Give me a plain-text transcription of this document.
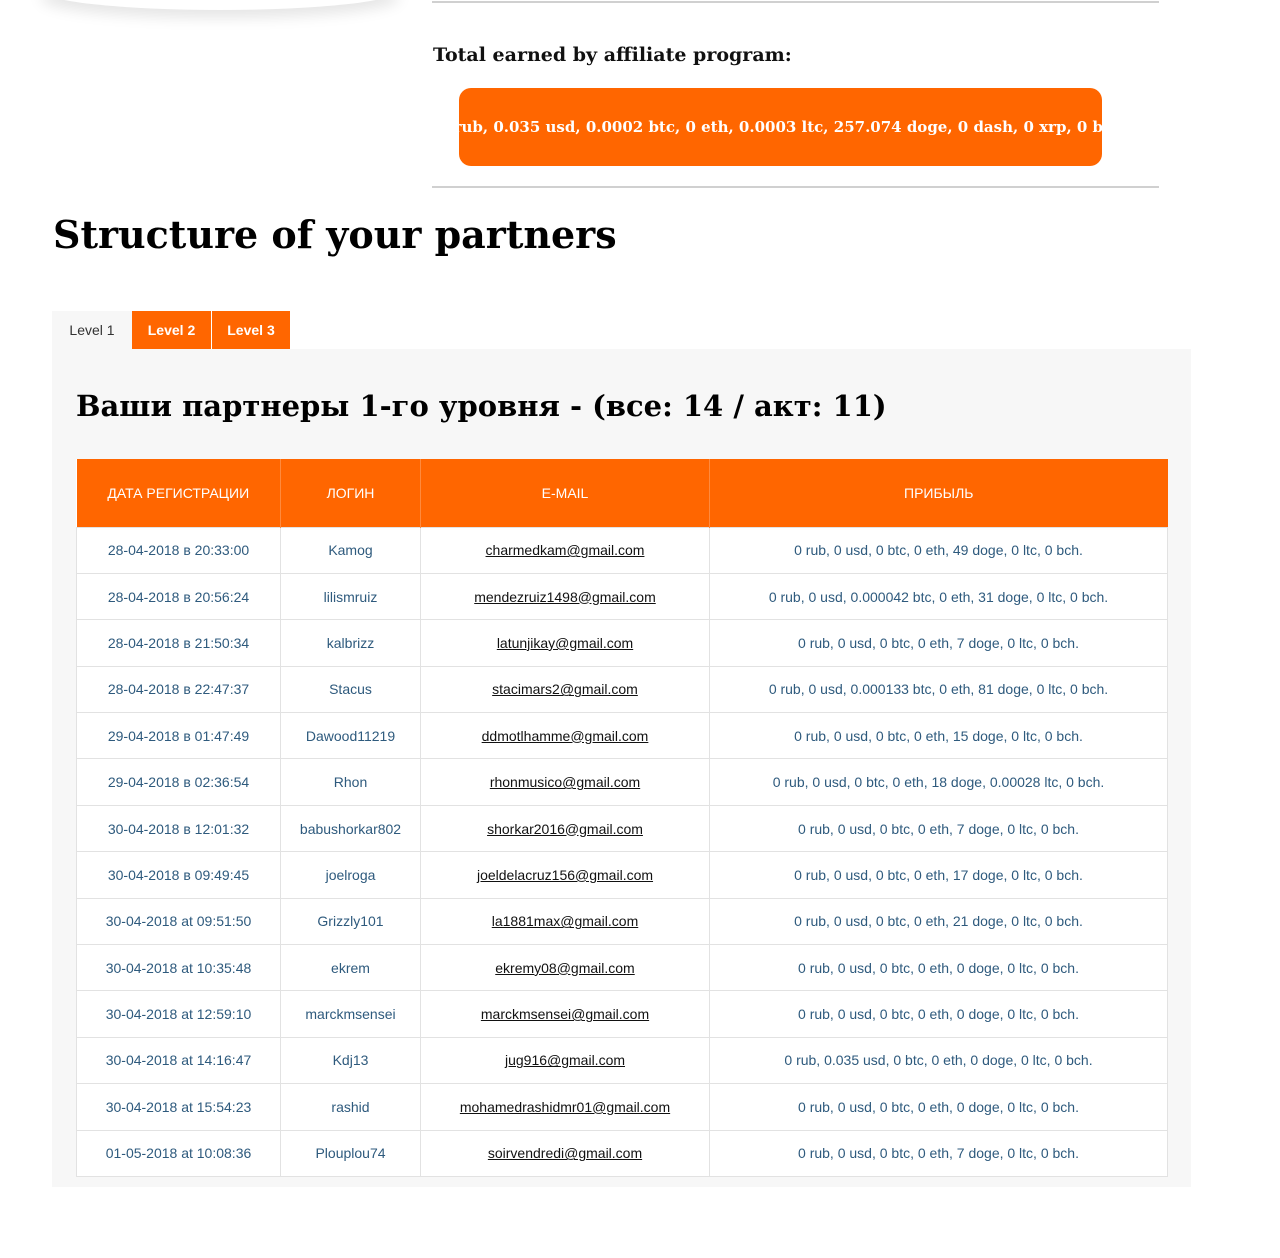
Total earned by affiliate program:
0 rub, 0.035 usd, 0.0002 btc, 0 eth, 0.0003 ltc, 257.074 doge, 0 dash, 0 xrp, 0 bch
Structure of your partners
Level 1	Level 2	Level 3
Ваши партнеры 1-го уровня - (все: 14 / акт: 11)
ДАТА РЕГИСТРАЦИИ	ЛОГИН	E-MAIL	ПРИБЫЛЬ
28-04-2018 в 20:33:00	Kamog	charmedkam@gmail.com	0 rub, 0 usd, 0 btc, 0 eth, 49 doge, 0 ltc, 0 bch.
28-04-2018 в 20:56:24	lilismruiz	mendezruiz1498@gmail.com	0 rub, 0 usd, 0.000042 btc, 0 eth, 31 doge, 0 ltc, 0 bch.
28-04-2018 в 21:50:34	kalbrizz	latunjikay@gmail.com	0 rub, 0 usd, 0 btc, 0 eth, 7 doge, 0 ltc, 0 bch.
28-04-2018 в 22:47:37	Stacus	stacimars2@gmail.com	0 rub, 0 usd, 0.000133 btc, 0 eth, 81 doge, 0 ltc, 0 bch.
29-04-2018 в 01:47:49	Dawood11219	ddmotlhamme@gmail.com	0 rub, 0 usd, 0 btc, 0 eth, 15 doge, 0 ltc, 0 bch.
29-04-2018 в 02:36:54	Rhon	rhonmusico@gmail.com	0 rub, 0 usd, 0 btc, 0 eth, 18 doge, 0.00028 ltc, 0 bch.
30-04-2018 в 12:01:32	babushorkar802	shorkar2016@gmail.com	0 rub, 0 usd, 0 btc, 0 eth, 7 doge, 0 ltc, 0 bch.
30-04-2018 в 09:49:45	joelroga	joeldelacruz156@gmail.com	0 rub, 0 usd, 0 btc, 0 eth, 17 doge, 0 ltc, 0 bch.
30-04-2018 at 09:51:50	Grizzly101	la1881max@gmail.com	0 rub, 0 usd, 0 btc, 0 eth, 21 doge, 0 ltc, 0 bch.
30-04-2018 at 10:35:48	ekrem	ekremy08@gmail.com	0 rub, 0 usd, 0 btc, 0 eth, 0 doge, 0 ltc, 0 bch.
30-04-2018 at 12:59:10	marckmsensei	marckmsensei@gmail.com	0 rub, 0 usd, 0 btc, 0 eth, 0 doge, 0 ltc, 0 bch.
30-04-2018 at 14:16:47	Kdj13	jug916@gmail.com	0 rub, 0.035 usd, 0 btc, 0 eth, 0 doge, 0 ltc, 0 bch.
30-04-2018 at 15:54:23	rashid	mohamedrashidmr01@gmail.com	0 rub, 0 usd, 0 btc, 0 eth, 0 doge, 0 ltc, 0 bch.
01-05-2018 at 10:08:36	Plouplou74	soirvendredi@gmail.com	0 rub, 0 usd, 0 btc, 0 eth, 7 doge, 0 ltc, 0 bch.
